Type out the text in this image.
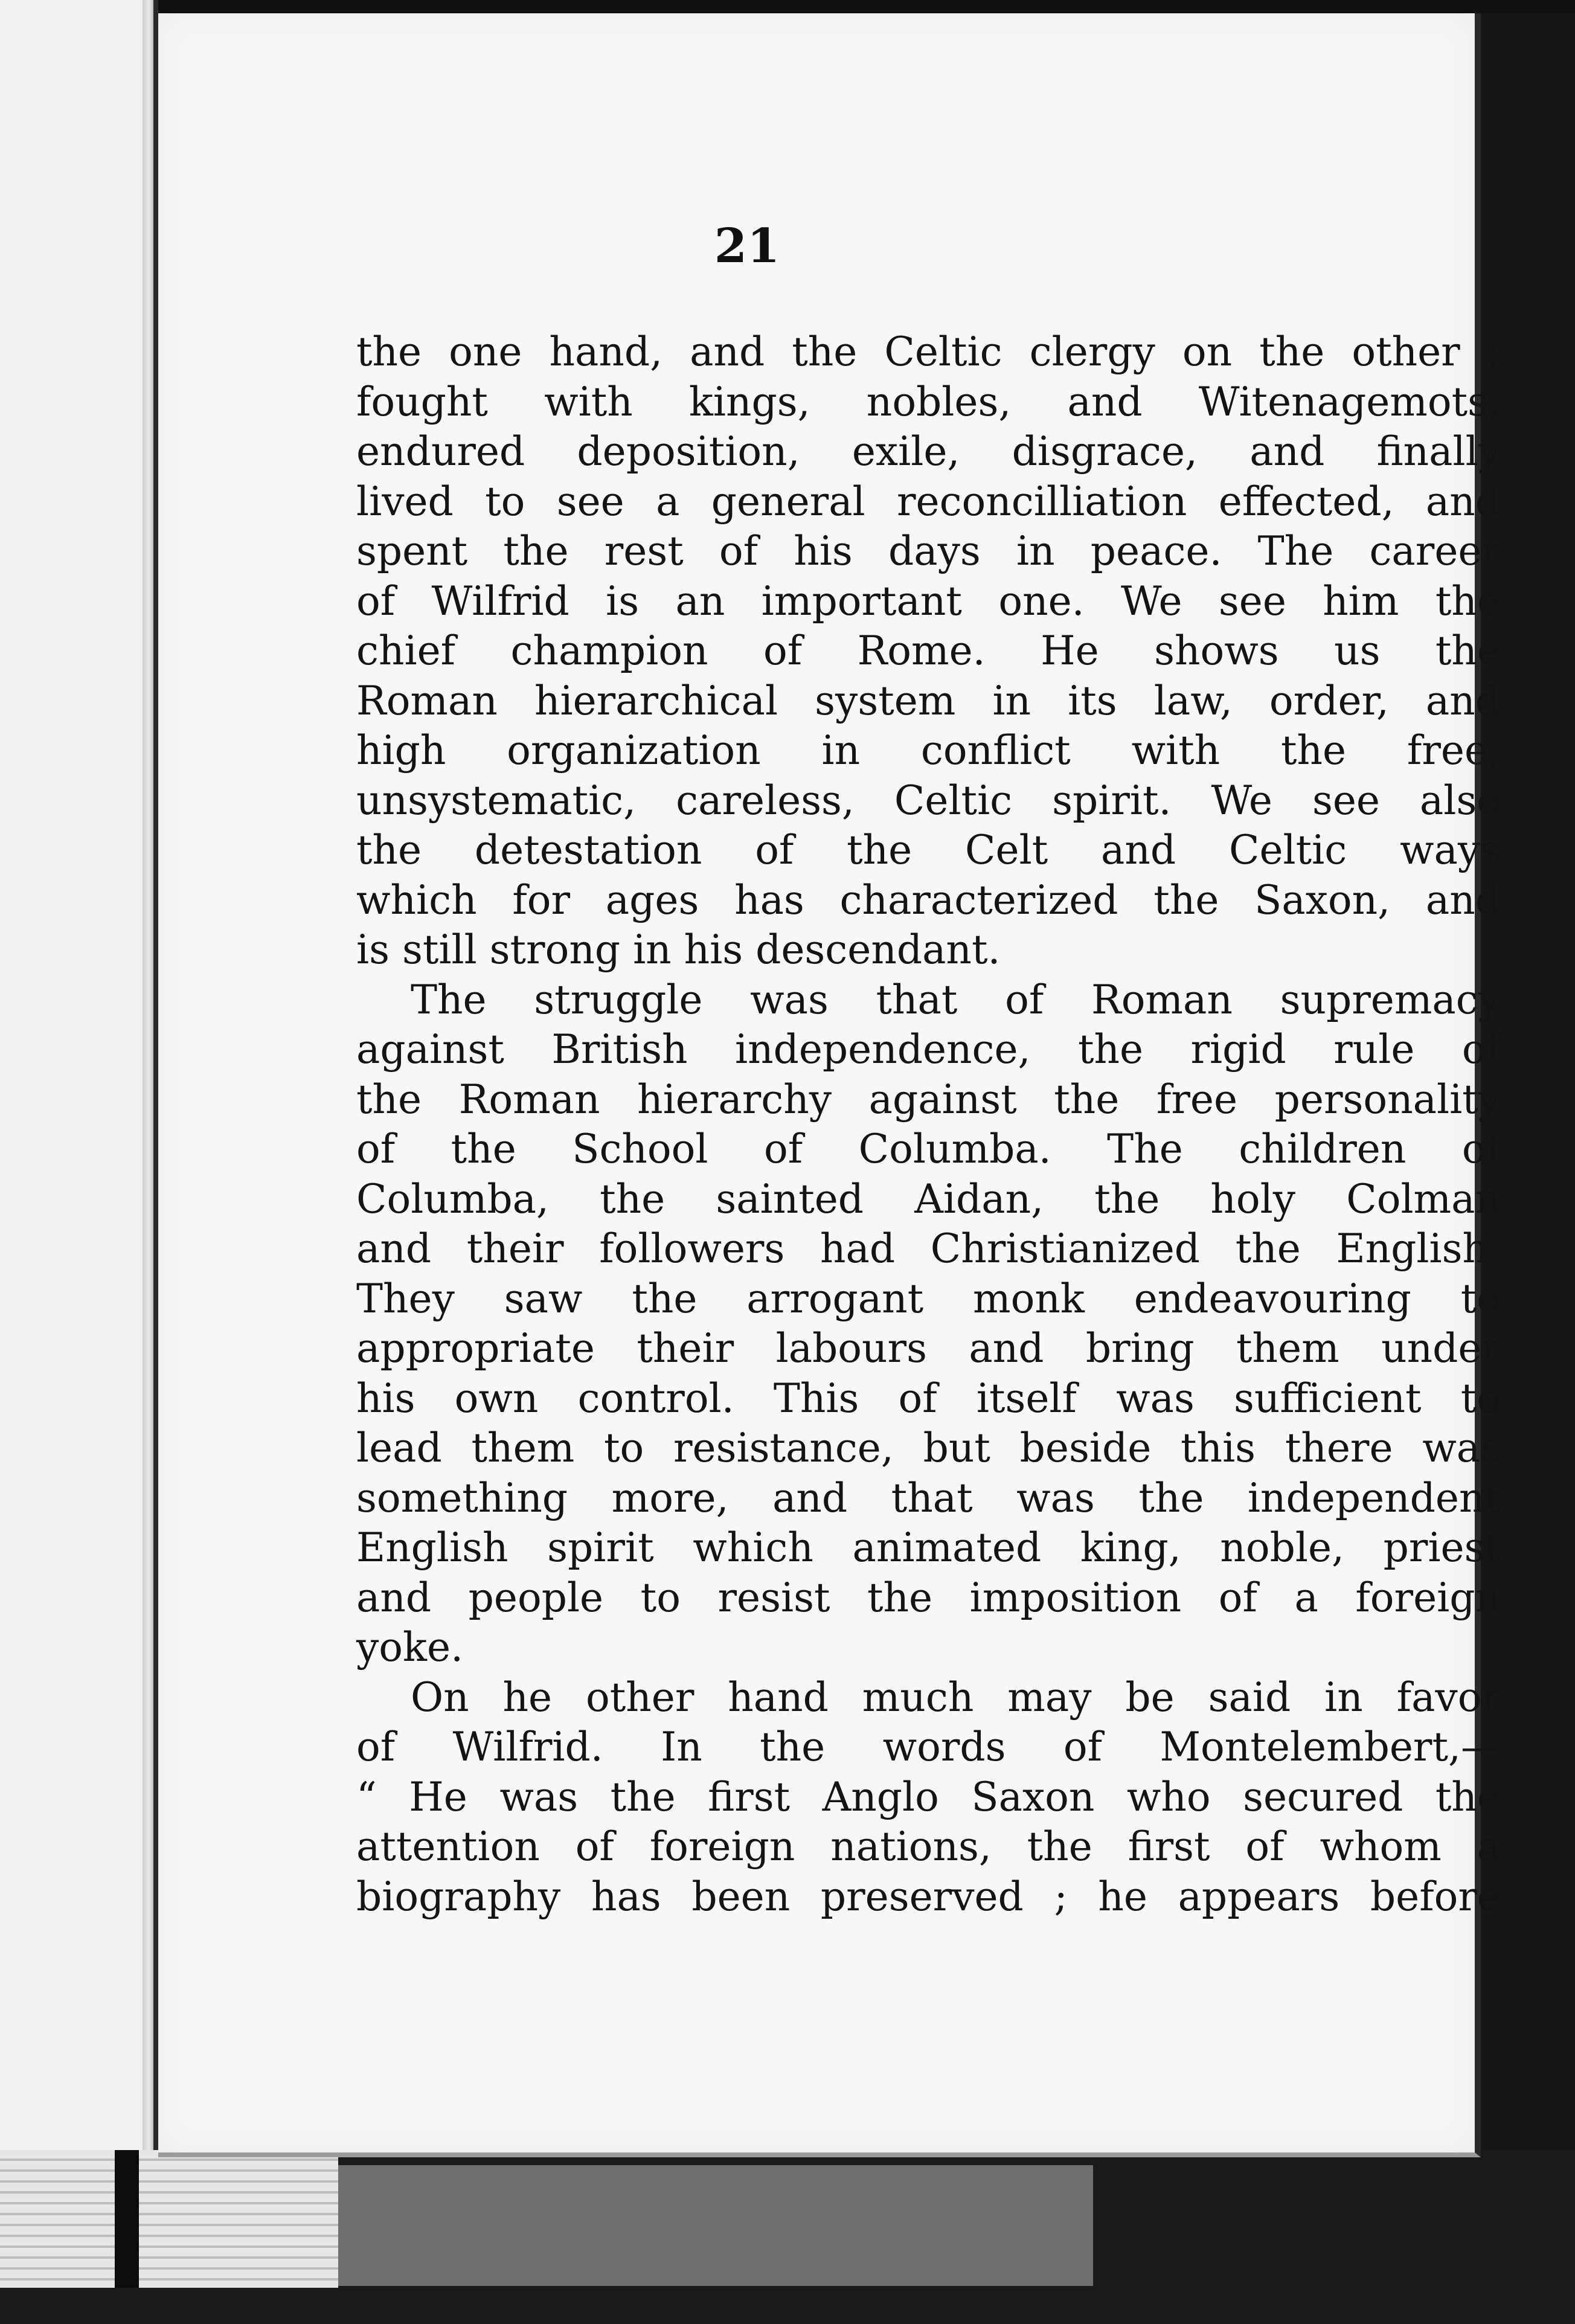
21
the one hand, and the Celtic clergy on the other ;
fought with kings, nobles, and Witenagemots,
endured deposition, exile, disgrace, and finally
lived to see a general reconcilliation effected, and
spent the rest of his days in peace. The career
of Wilfrid is an important one. We see him the
chief champion of Rome. He shows us the
Roman hierarchical system in its law, order, and
high organization in conflict with the free,
unsystematic, careless, Celtic spirit. We see also
the detestation of the Celt and Celtic ways
which for ages has characterized the Saxon, and
is still strong in his descendant.
The struggle was that of Roman supremacy
against British independence, the rigid rule of
the Roman hierarchy against the free personality
of the School of Columba. The children of
Columba, the sainted Aidan, the holy Colman
and their followers had Christianized the English.
They saw the arrogant monk endeavouring to
appropriate their labours and bring them under
his own control. This of itself was sufficient to
lead them to resistance, but beside this there was
something more, and that was the independent
English spirit which animated king, noble, priest
and people to resist the imposition of a foreign
yoke.
On he other hand much may be said in favor
of Wilfrid. In the words of Montelembert,—
“ He was the first Anglo Saxon who secured the
attention of foreign nations, the first of whom a
biography has been preserved ; he appears before
